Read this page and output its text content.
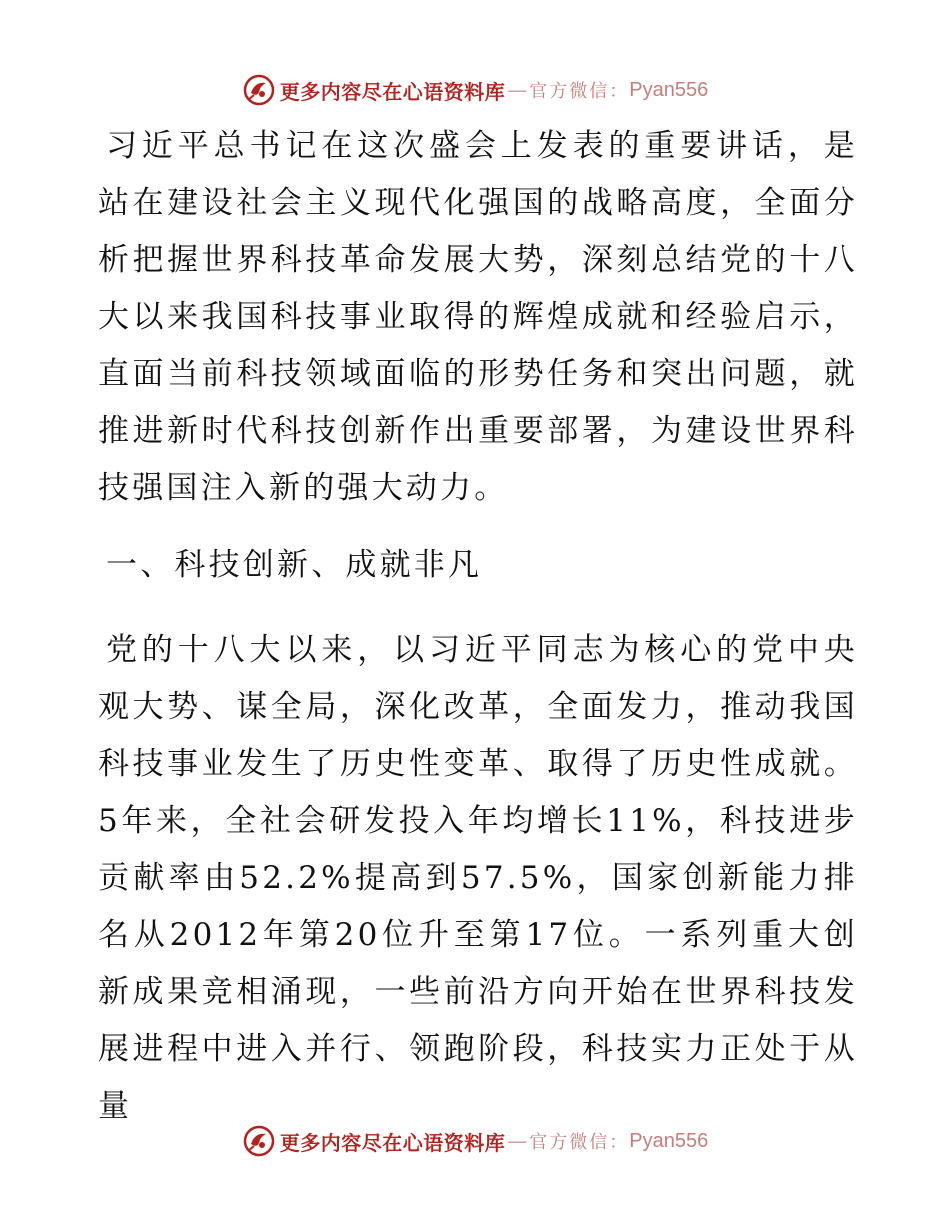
更多内容尽在心语资料库 — 官方微信： Pyan556

习近平总书记在这次盛会上发表的重要讲话，是站在建设社会主义现代化强国的战略高度，全面分析把握世界科技革命发展大势，深刻总结党的十八大以来我国科技事业取得的辉煌成就和经验启示，直面当前科技领域面临的形势任务和突出问题，就推进新时代科技创新作出重要部署，为建设世界科技强国注入新的强大动力。

一、科技创新、成就非凡

党的十八大以来，以习近平同志为核心的党中央观大势、谋全局，深化改革，全面发力，推动我国科技事业发生了历史性变革、取得了历史性成就。5年来，全社会研发投入年均增长11%，科技进步贡献率由52.2%提高到57.5%，国家创新能力排名从2012年第20位升至第17位。一系列重大创新成果竞相涌现，一些前沿方向开始在世界科技发展进程中进入并行、领跑阶段，科技实力正处于从量

更多内容尽在心语资料库 — 官方微信： Pyan556
